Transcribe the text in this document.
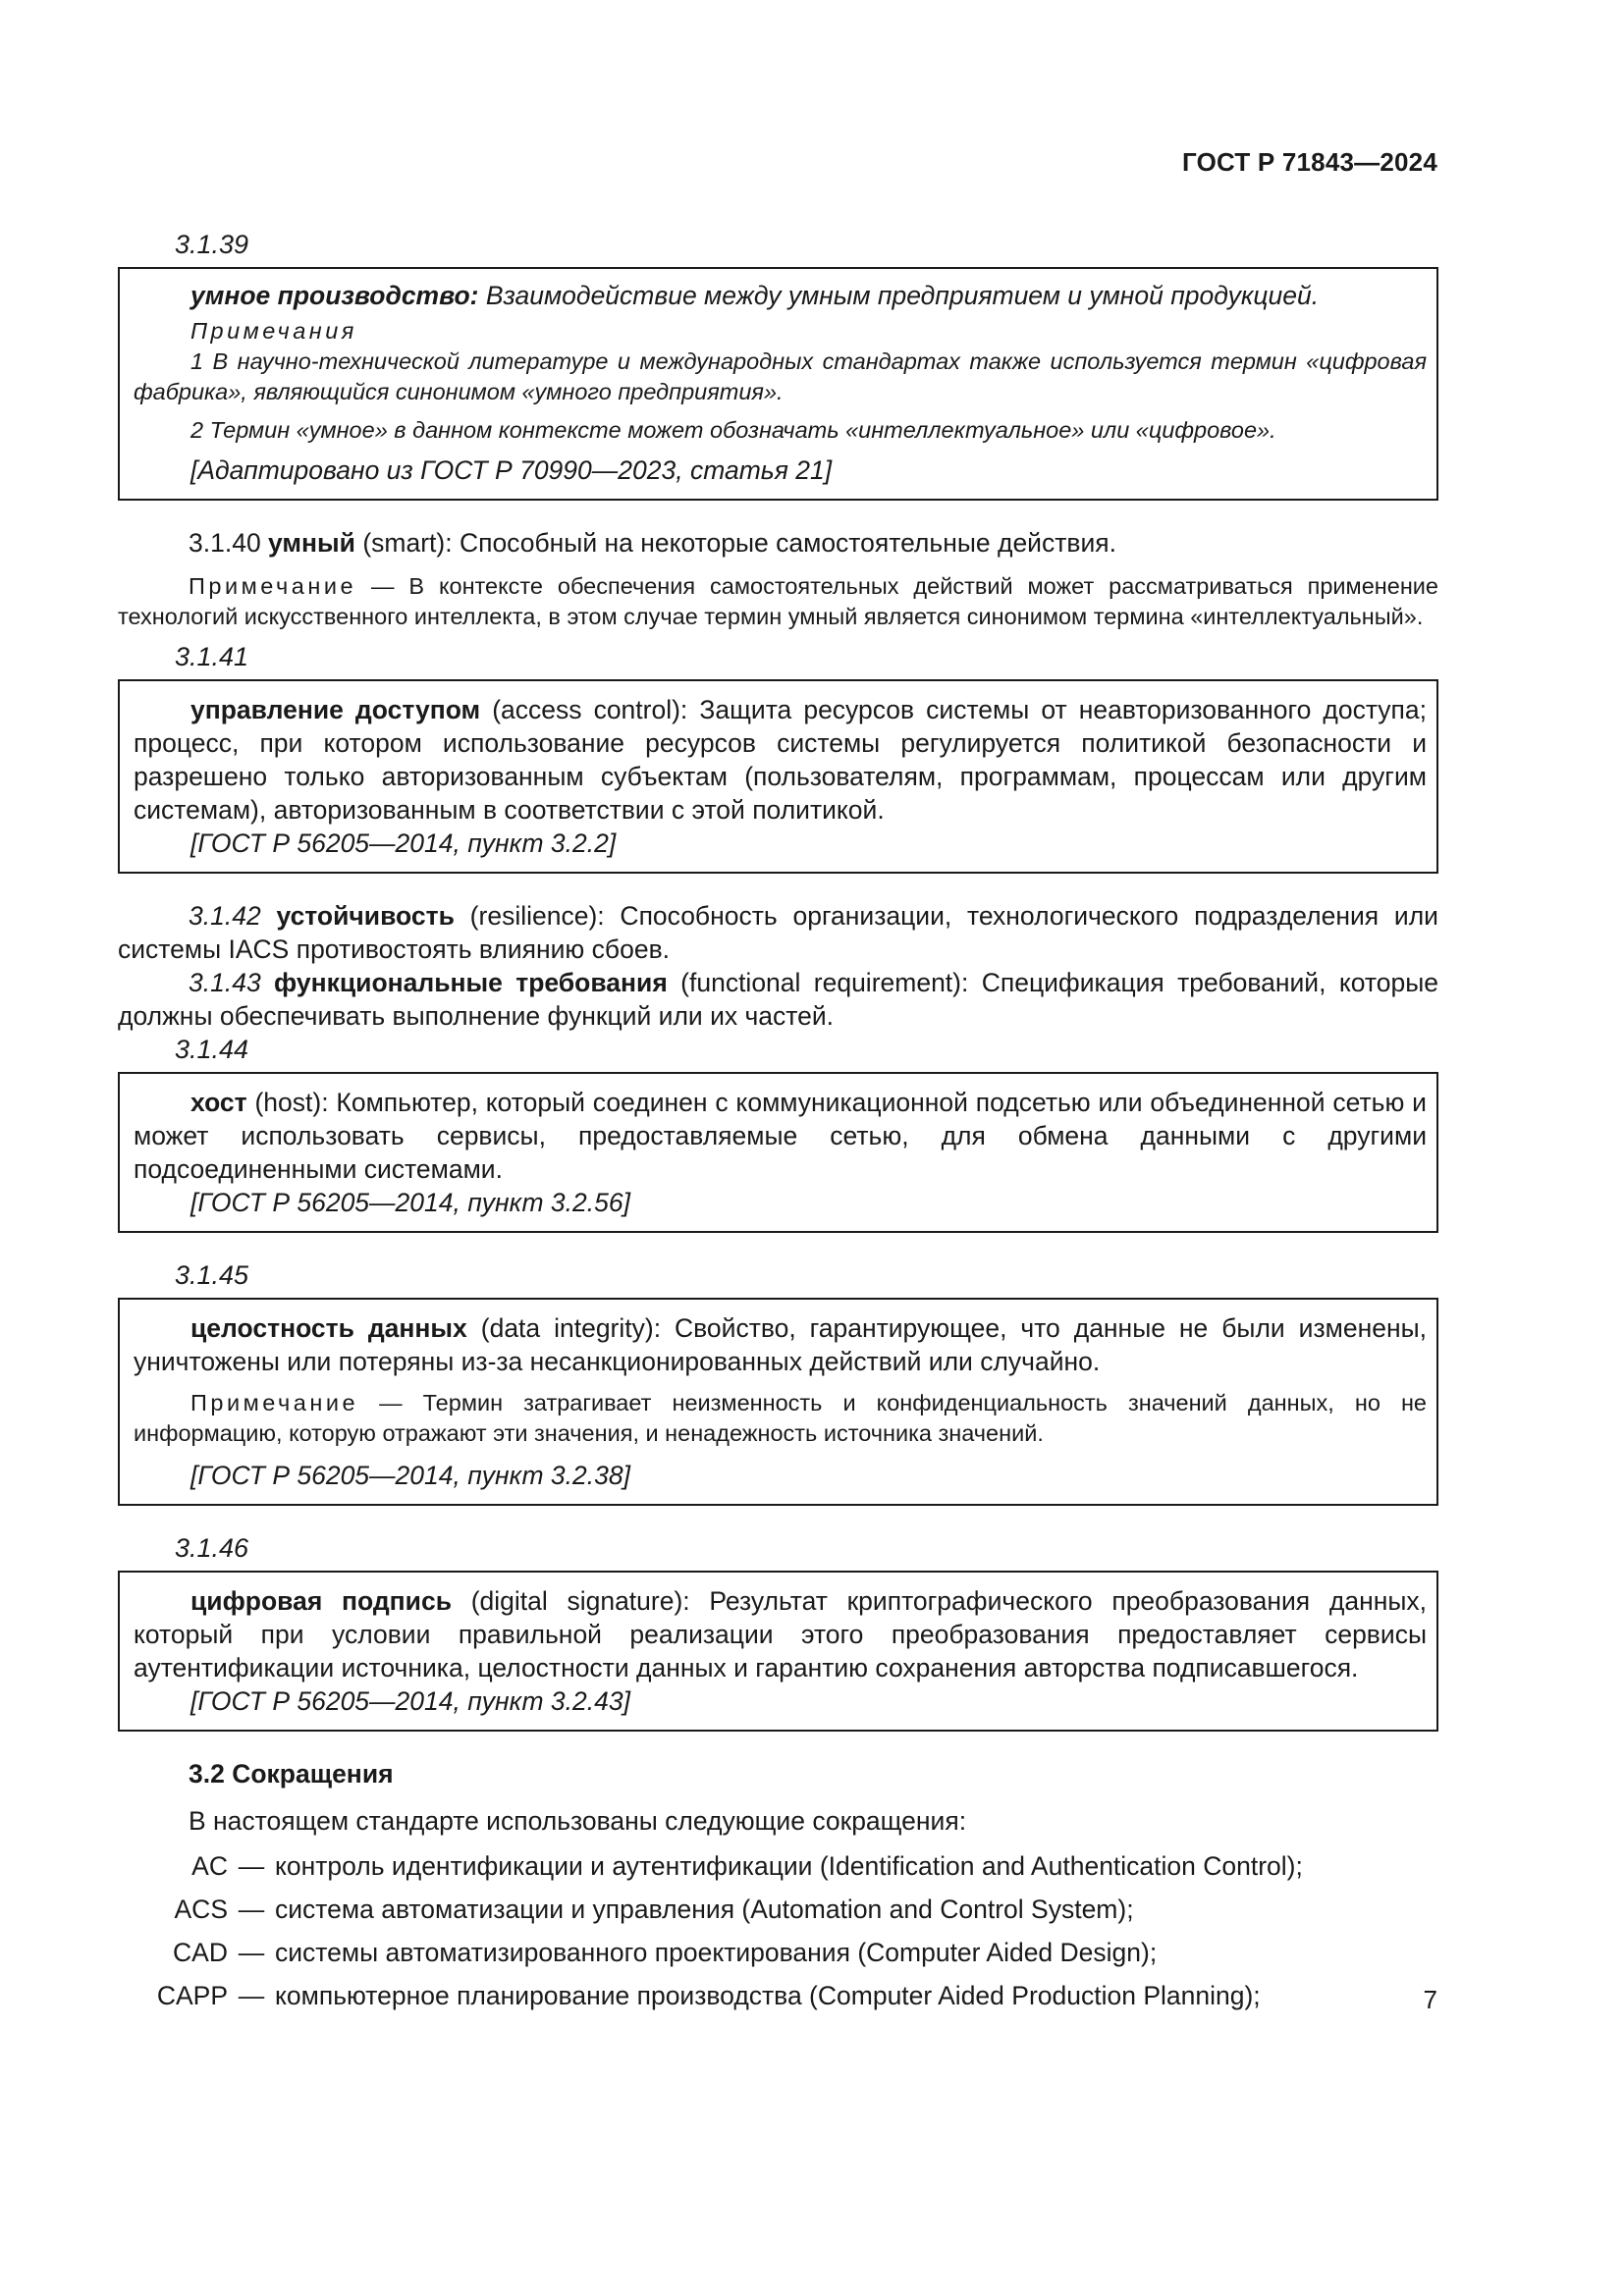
ГОСТ Р 71843—2024
3.1.39

умное производство: Взаимодействие между умным предприятием и умной продукцией.

Примечания

1 В научно-технической литературе и международных стандартах также используется термин «цифровая фабрика», являющийся синонимом «умного предприятия».

2 Термин «умное» в данном контексте может обозначать «интеллектуальное» или «цифровое».

[Адаптировано из ГОСТ Р 70990—2023, статья 21]

3.1.40 умный (smart): Способный на некоторые самостоятельные действия.

Примечание — В контексте обеспечения самостоятельных действий может рассматриваться применение технологий искусственного интеллекта, в этом случае термин умный является синонимом термина «интеллектуальный».

3.1.41

управление доступом (access control): Защита ресурсов системы от неавторизованного доступа; процесс, при котором использование ресурсов системы регулируется политикой безопасности и разрешено только авторизованным субъектам (пользователям, программам, процессам или другим системам), авторизованным в соответствии с этой политикой.

[ГОСТ Р 56205—2014, пункт 3.2.2]

3.1.42 устойчивость (resilience): Способность организации, технологического подразделения или системы IACS противостоять влиянию сбоев.

3.1.43 функциональные требования (functional requirement): Спецификация требований, которые должны обеспечивать выполнение функций или их частей.

3.1.44

хост (host): Компьютер, который соединен с коммуникационной подсетью или объединенной сетью и может использовать сервисы, предоставляемые сетью, для обмена данными с другими подсоединенными системами.

[ГОСТ Р 56205—2014, пункт 3.2.56]
3.1.45

целостность данных (data integrity): Свойство, гарантирующее, что данные не были изменены, уничтожены или потеряны из-за несанкционированных действий или случайно.

Примечание — Термин затрагивает неизменность и конфиденциальность значений данных, но не информацию, которую отражают эти значения, и ненадежность источника значений.

[ГОСТ Р 56205—2014, пункт 3.2.38]
3.1.46

цифровая подпись (digital signature): Результат криптографического преобразования данных, который при условии правильной реализации этого преобразования предоставляет сервисы аутентификации источника, целостности данных и гарантию сохранения авторства подписавшегося.

[ГОСТ Р 56205—2014, пункт 3.2.43]
3.2 Сокращения

В настоящем стандарте использованы следующие сокращения:

AC — контроль идентификации и аутентификации (Identification and Authentication Control);
ACS — система автоматизации и управления (Automation and Control System);
CAD — системы автоматизированного проектирования (Computer Aided Design);
CAPP — компьютерное планирование производства (Computer Aided Production Planning);	7
